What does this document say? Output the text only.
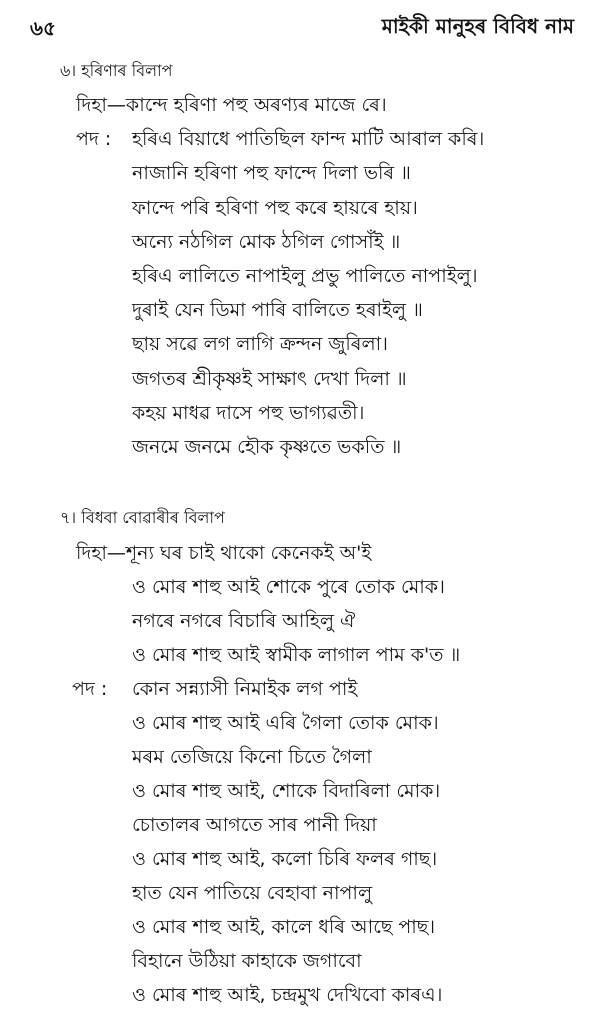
৬৫	মাইকী মানুহৰ বিবিধ নাম
৬। হৰিণাৰ বিলাপ
দিহা—কান্দে হৰিণা পহু অৰণ্যৰ মাজে ৰে।
পদ : হৰিএ বিয়াধে পাতিছিল ফান্দ মাটি আৰাল কৰি।
নাজানি হৰিণা পহু ফান্দে দিলা ভৰি ॥
ফান্দে পৰি হৰিণা পহু কৰে হায়ৰে হায়।
অন্যে নঠগিল মোক ঠগিল গোসাঁই ॥
হৰিএ লালিতে নাপাইলু প্ৰভু পালিতে নাপাইলু।
দুৰাই যেন ডিমা পাৰি বালিতে হৰাইলু ॥
ছায় সৱে লগ লাগি ক্ৰন্দন জুৰিলা।
জগতৰ শ্ৰীকৃষ্ণই সাক্ষাৎ দেখা দিলা ॥
কহয় মাধৱ দাসে পহু ভাগ্যৱতী।
জনমে জনমে হৌক কৃষ্ণতে ভকতি ॥
৭। বিধবা বোৱাৰীৰ বিলাপ
দিহা—শূন্য ঘৰ চাই থাকো কেনেকই অ'ই
ও মোৰ শাহু আই শোকে পুৰে তোক মোক।
নগৰে নগৰে বিচাৰি আহিলু ঐ
ও মোৰ শাহু আই স্বামীক লাগাল পাম ক'ত ॥
পদ : কোন সন্ন্যাসী নিমাইক লগ পাই
ও মোৰ শাহু আই এৰি গৈলা তোক মোক।
মৰম তেজিয়ে কিনো চিতে গৈলা
ও মোৰ শাহু আই, শোকে বিদাৰিলা মোক।
চোতালৰ আগতে সাৰ পানী দিয়া
ও মোৰ শাহু আই, কলো চিৰি ফলৰ গাছ।
হাত যেন পাতিয়ে বেহাবা নাপালু
ও মোৰ শাহু আই, কালে ধৰি আছে পাছ।
বিহানে উঠিয়া কাহাকে জগাবো
ও মোৰ শাহু আই, চন্দ্ৰমুখ দেখিবো কাৰএ।
